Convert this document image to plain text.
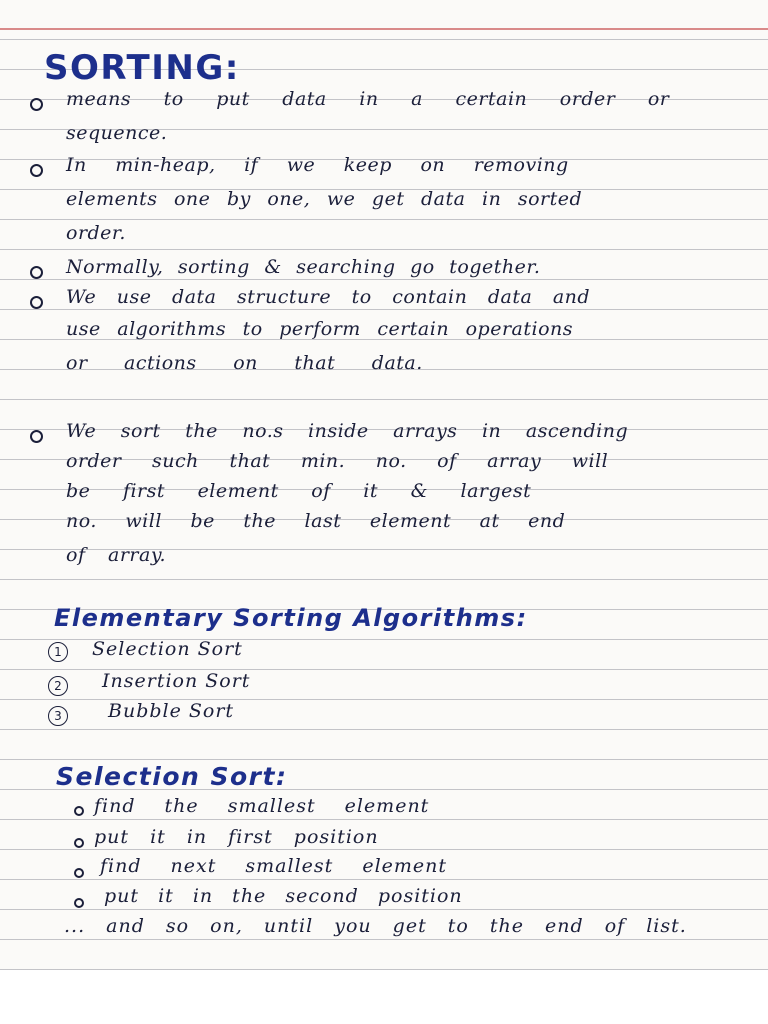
SORTING:
means to put data in a certain order or
sequence.
In min-heap, if we keep on removing
elements one by one, we get data in sorted
order.
Normally, sorting & searching go together.
We use data structure to contain data and
use algorithms to perform certain operations
or actions on that data.
We sort the no.s inside arrays in ascending
order such that min. no. of array will
be first element of it & largest
no. will be the last element at end
of array.
Elementary Sorting Algorithms:
1	Selection Sort
2	Insertion Sort
3	Bubble Sort
Selection Sort:
find the smallest element
put it in first position
find next smallest element
put it in the second position
... and so on, until you get to the end of list.
